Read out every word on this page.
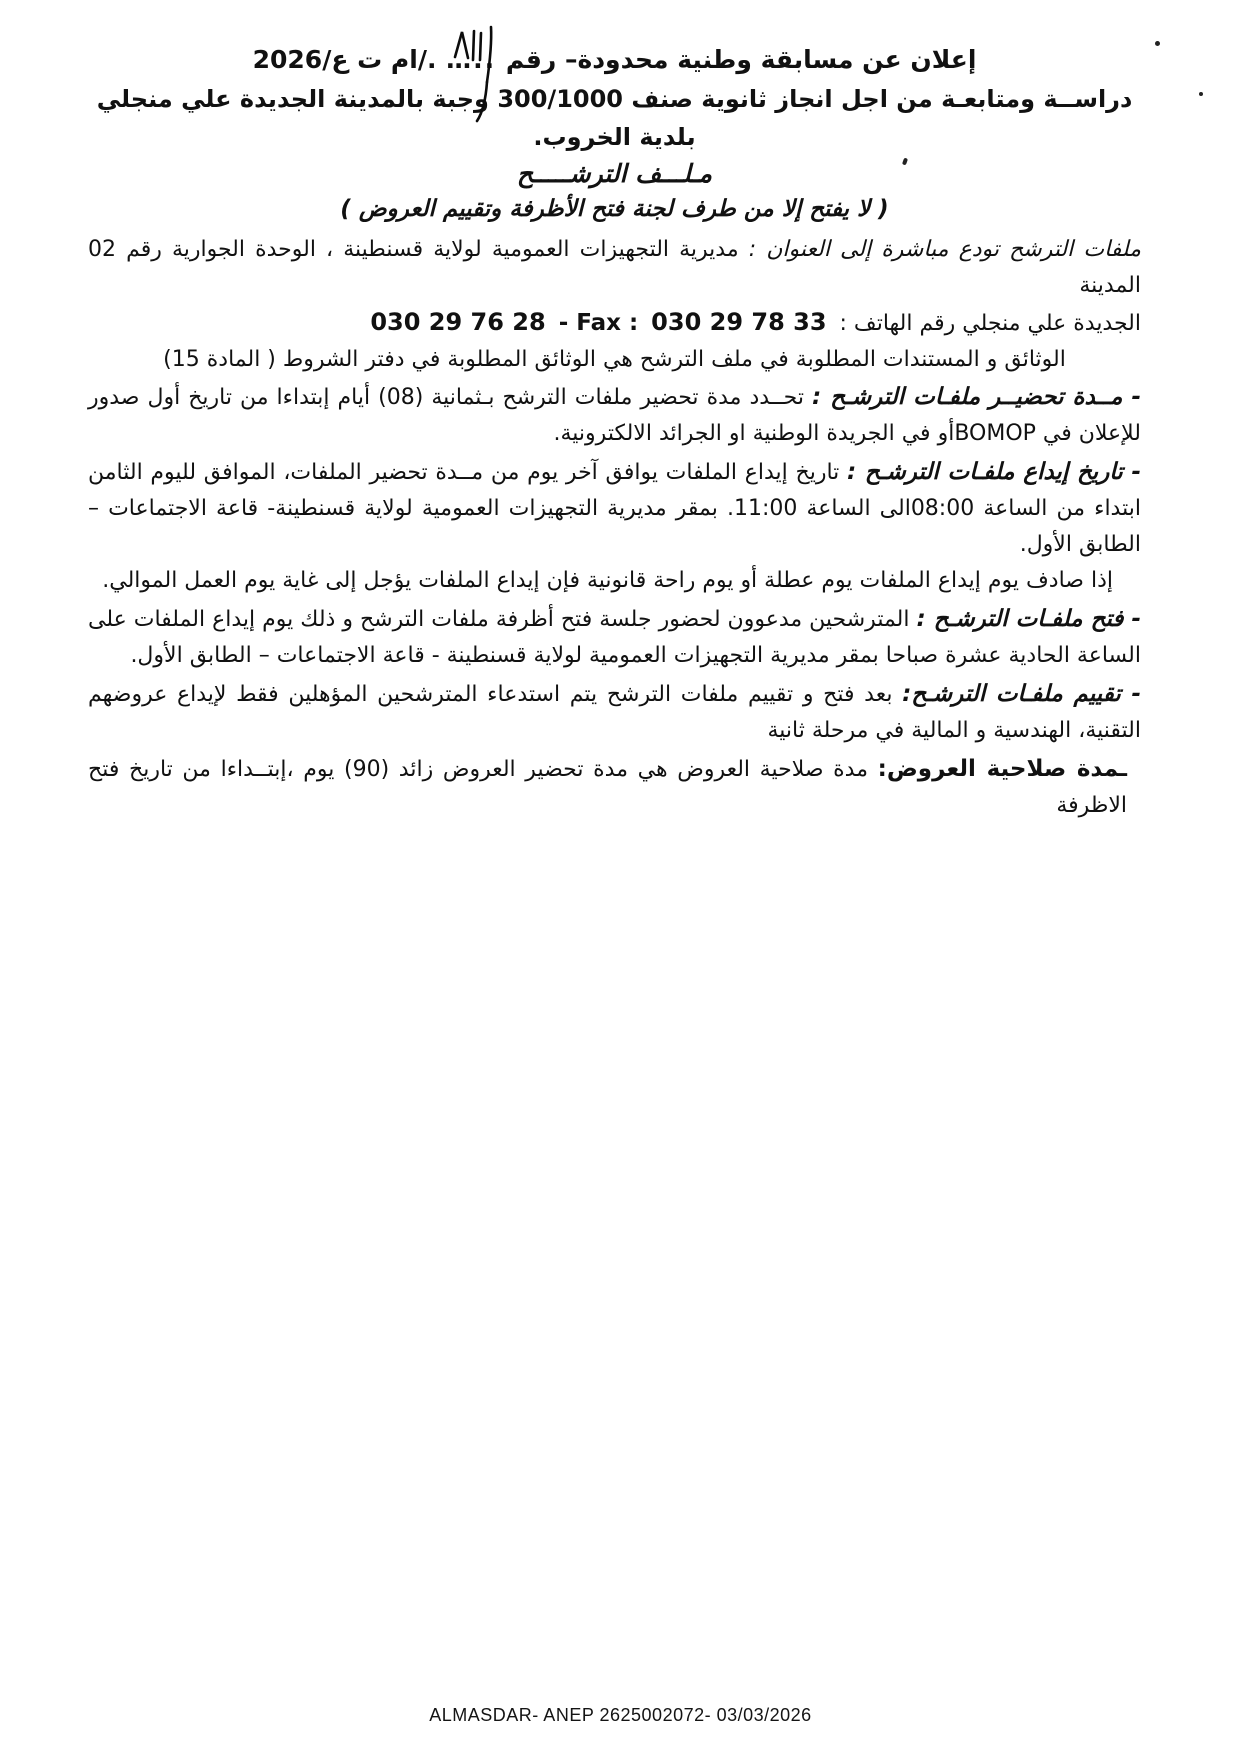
إعلان عن مسابقة وطنية محدودة– رقم ..…
./ام ت ع/2026
دراســة ومتابعـة من اجل انجاز ثانوية صنف 300/1000 وجبة بالمدينة الجديدة علي منجلي بلدية الخروب.
مـلـــف الترشـــــح
( لا يفتح إلا من طرف لجنة فتح الأظرفة وتقييم العروض )
ملفات الترشح تودع مباشرة إلى العنوان : مديرية التجهيزات العمومية لولاية قسنطينة ، الوحدة الجوارية رقم 02 المدينة
الجديدة علي منجلي رقم الهاتف : 030 29 78 33 - Fax : 030 29 76 28
الوثائق و المستندات المطلوبة في ملف الترشح هي الوثائق المطلوبة في دفتر الشروط ( المادة 15)

- مــدة تحضيــر ملفـات الترشـح : تحــدد مدة تحضير ملفات الترشح بـثمانية (08) أيام إبتداءا من تاريخ أول صدور للإعلان في BOMOPأو في الجريدة الوطنية او الجرائد الالكترونية.

- تاريخ إيداع ملفـات الترشـح : تاريخ إيداع الملفات يوافق آخر يوم من مــدة تحضير الملفات، الموافق لليوم الثامن ابتداء من الساعة 08:00الى الساعة 11:00. بمقر مديرية التجهيزات العمومية لولاية قسنطينة- قاعة الاجتماعات – الطابق الأول.

إذا صادف يوم إيداع الملفات يوم عطلة أو يوم راحة قانونية فإن إيداع الملفات يؤجل إلى غاية يوم العمل الموالي.

- فتح ملفـات الترشـح : المترشحين مدعوون لحضور جلسة فتح أظرفة ملفات الترشح و ذلك يوم إيداع الملفات على الساعة الحادية عشرة صباحا بمقر مديرية التجهيزات العمومية لولاية قسنطينة - قاعة الاجتماعات – الطابق الأول.

- تقييم ملفـات الترشـح: بعد فتح و تقييم ملفات الترشح يتم استدعاء المترشحين المؤهلين فقط لإيداع عروضهم التقنية، الهندسية و المالية في مرحلة ثانية

ـمدة صلاحية العروض: مدة صلاحية العروض هي مدة تحضير العروض زائد (90) يوم ،إبتــداءا من تاريخ فتح الاظرفة

ALMASDAR- ANEP 2625002072- 03/03/2026
